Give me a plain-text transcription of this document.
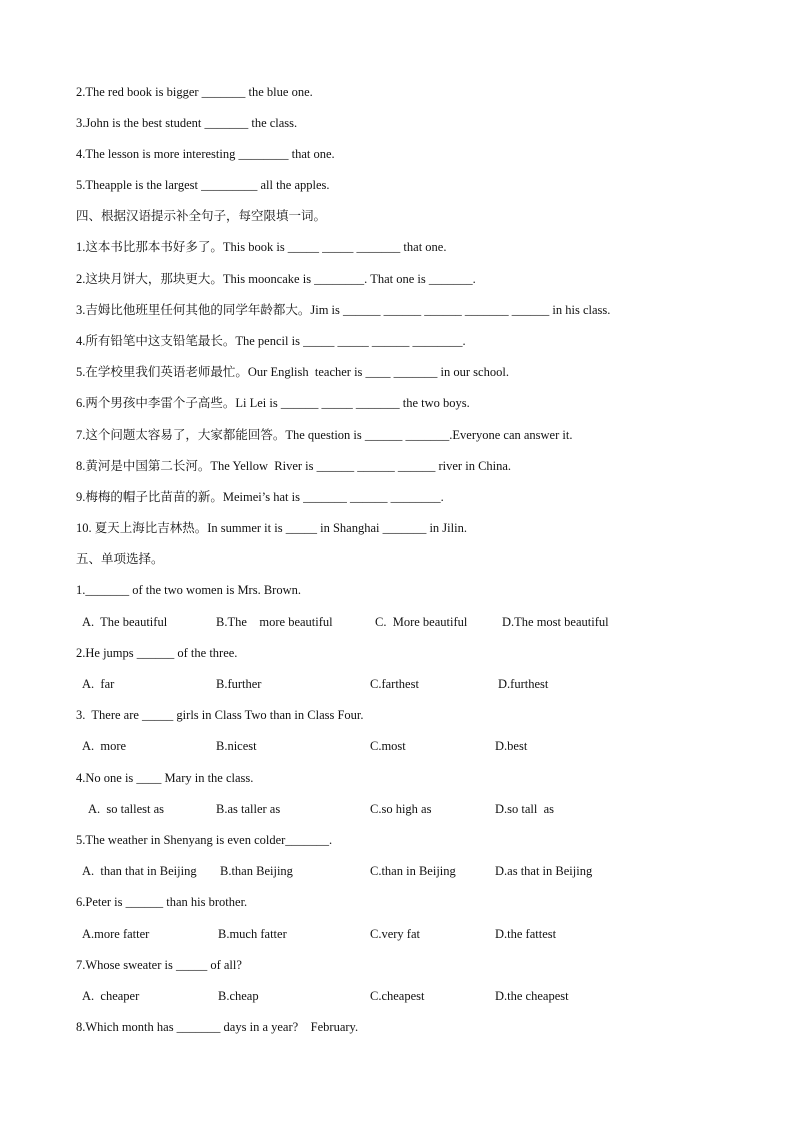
2.The red book is bigger _______ the blue one.
3.John is the best student _______ the class.
4.The lesson is more interesting ________ that one.
5.Theapple is the largest _________ all the apples.
四、根据汉语提示补全句子，每空限填一词。
1.这本书比那本书好多了。This book is _____ _____ _______ that one.
2.这块月饼大，那块更大。This mooncake is ________. That one is _______.
3.吉姆比他班里任何其他的同学年龄都大。Jim is ______ ______ ______ _______ ______ in his class.
4.所有铅笔中这支铅笔最长。The pencil is _____ _____ ______ ________.
5.在学校里我们英语老师最忙。Our English  teacher is ____ _______ in our school.
6.两个男孩中李雷个子高些。Li Lei is ______ _____ _______ the two boys.
7.这个问题太容易了，大家都能回答。The question is ______ _______.Everyone can answer it.
8.黄河是中国第二长河。The Yellow  River is ______ ______ ______ river in China.
9.梅梅的帽子比苗苗的新。Meimei’s hat is _______ ______ ________.
10. 夏天上海比吉林热。In summer it is _____ in Shanghai _______ in Jilin.
五、单项选择。
1._______ of the two women is Mrs. Brown.
A.  The beautiful	B.The    more beautiful	C.  More beautiful	D.The most beautiful
2.He jumps ______ of the three.
A.  far	B.further	C.farthest	D.furthest
3.  There are _____ girls in Class Two than in Class Four.
A.  more	B.nicest	C.most	D.best
4.No one is ____ Mary in the class.
A.  so tallest as	B.as taller as	C.so high as	D.so tall  as
5.The weather in Shenyang is even colder_______.
A.  than that in Beijing B.than Beijing	C.than in Beijing	D.as that in Beijing
6.Peter is ______ than his brother.
A.more fatter	B.much fatter	C.very fat	D.the fattest
7.Whose sweater is _____ of all?
A.  cheaper	B.cheap	C.cheapest	D.the cheapest
8.Which month has _______ days in a year?    February.
